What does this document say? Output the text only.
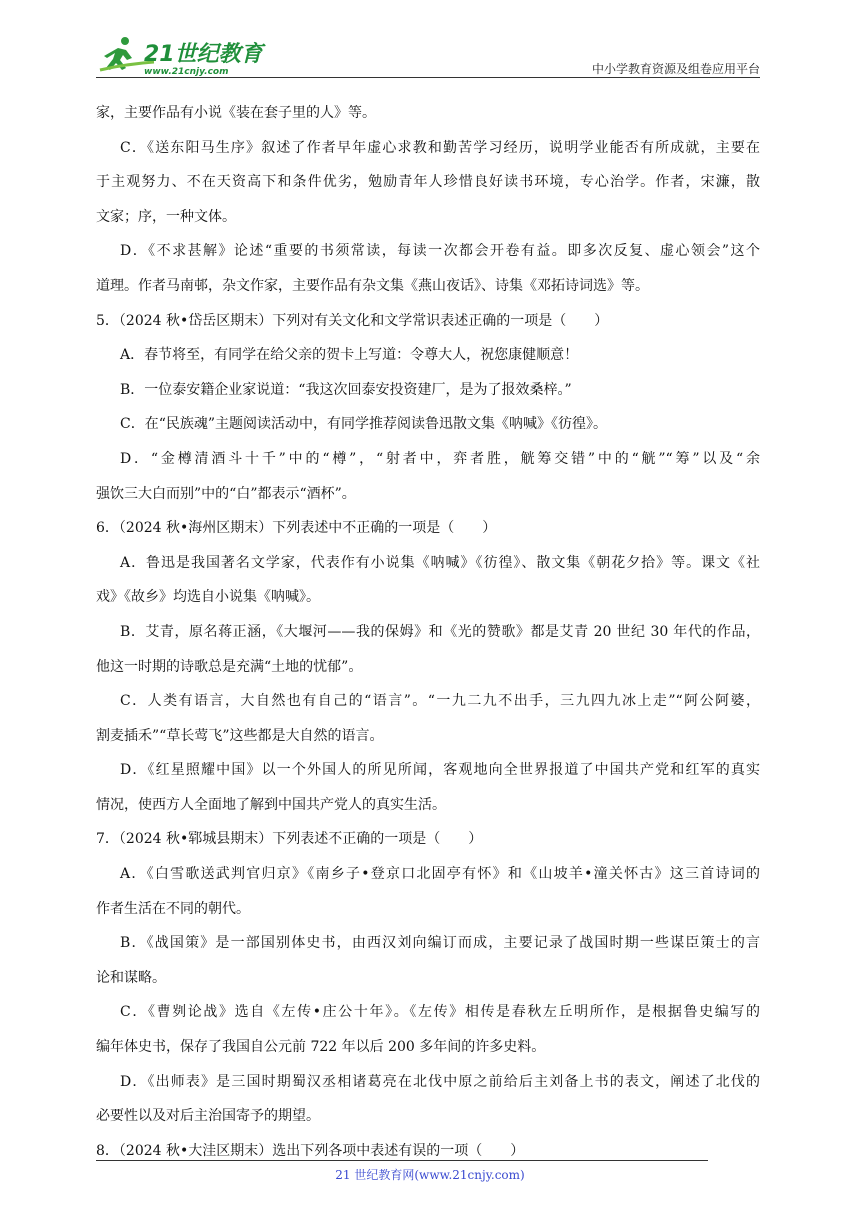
21世纪教育
www.21cnjy.com	中小学教育资源及组卷应用平台
家，主要作品有小说《装在套子里的人》等。
C．《送东阳马生序》叙述了作者早年虚心求教和勤苦学习经历，说明学业能否有所成就，主要在
于主观努力、不在天资高下和条件优劣，勉励青年人珍惜良好读书环境，专心治学。作者，宋濂，散
文家；序，一种文体。
D．《不求甚解》论述“重要的书须常读，每读一次都会开卷有益。即多次反复、虚心领会”这个
道理。作者马南邨，杂文作家，主要作品有杂文集《燕山夜话》、诗集《邓拓诗词选》等。
5．（2024 秋•岱岳区期末）下列对有关文化和文学常识表述正确的一项是（　　）
A．春节将至，有同学在给父亲的贺卡上写道：令尊大人，祝您康健顺意！
B．一位泰安籍企业家说道：“我这次回泰安投资建厂，是为了报效桑梓。”
C．在“民族魂”主题阅读活动中，有同学推荐阅读鲁迅散文集《呐喊》《彷徨》。
D．“金樽清酒斗十千”中的“樽”，“射者中，弈者胜，觥筹交错”中的“觥”“筹”以及“余
强饮三大白而别”中的“白”都表示“酒杯”。
6．（2024 秋•海州区期末）下列表述中不正确的一项是（　　）
A．鲁迅是我国著名文学家，代表作有小说集《呐喊》《彷徨》、散文集《朝花夕拾》等。课文《社
戏》《故乡》均选自小说集《呐喊》。
B．艾青，原名蒋正涵，《大堰河——我的保姆》和《光的赞歌》都是艾青 20 世纪 30 年代的作品，
他这一时期的诗歌总是充满“土地的忧郁”。
C．人类有语言，大自然也有自己的“语言”。“一九二九不出手，三九四九冰上走”“阿公阿婆，
割麦插禾”“草长莺飞”这些都是大自然的语言。
D．《红星照耀中国》以一个外国人的所见所闻，客观地向全世界报道了中国共产党和红军的真实
情况，使西方人全面地了解到中国共产党人的真实生活。
7．（2024 秋•郓城县期末）下列表述不正确的一项是（　　）
A．《白雪歌送武判官归京》《南乡子•登京口北固亭有怀》和《山坡羊•潼关怀古》这三首诗词的
作者生活在不同的朝代。
B．《战国策》是一部国别体史书，由西汉刘向编订而成，主要记录了战国时期一些谋臣策士的言
论和谋略。
C．《曹刿论战》选自《左传•庄公十年》。《左传》相传是春秋左丘明所作，是根据鲁史编写的
编年体史书，保存了我国自公元前 722 年以后 200 多年间的许多史料。
D．《出师表》是三国时期蜀汉丞相诸葛亮在北伐中原之前给后主刘备上书的表文，阐述了北伐的
必要性以及对后主治国寄予的期望。
8．（2024 秋•大洼区期末）选出下列各项中表述有误的一项（　　）
21 世纪教育网(www.21cnjy.com)
